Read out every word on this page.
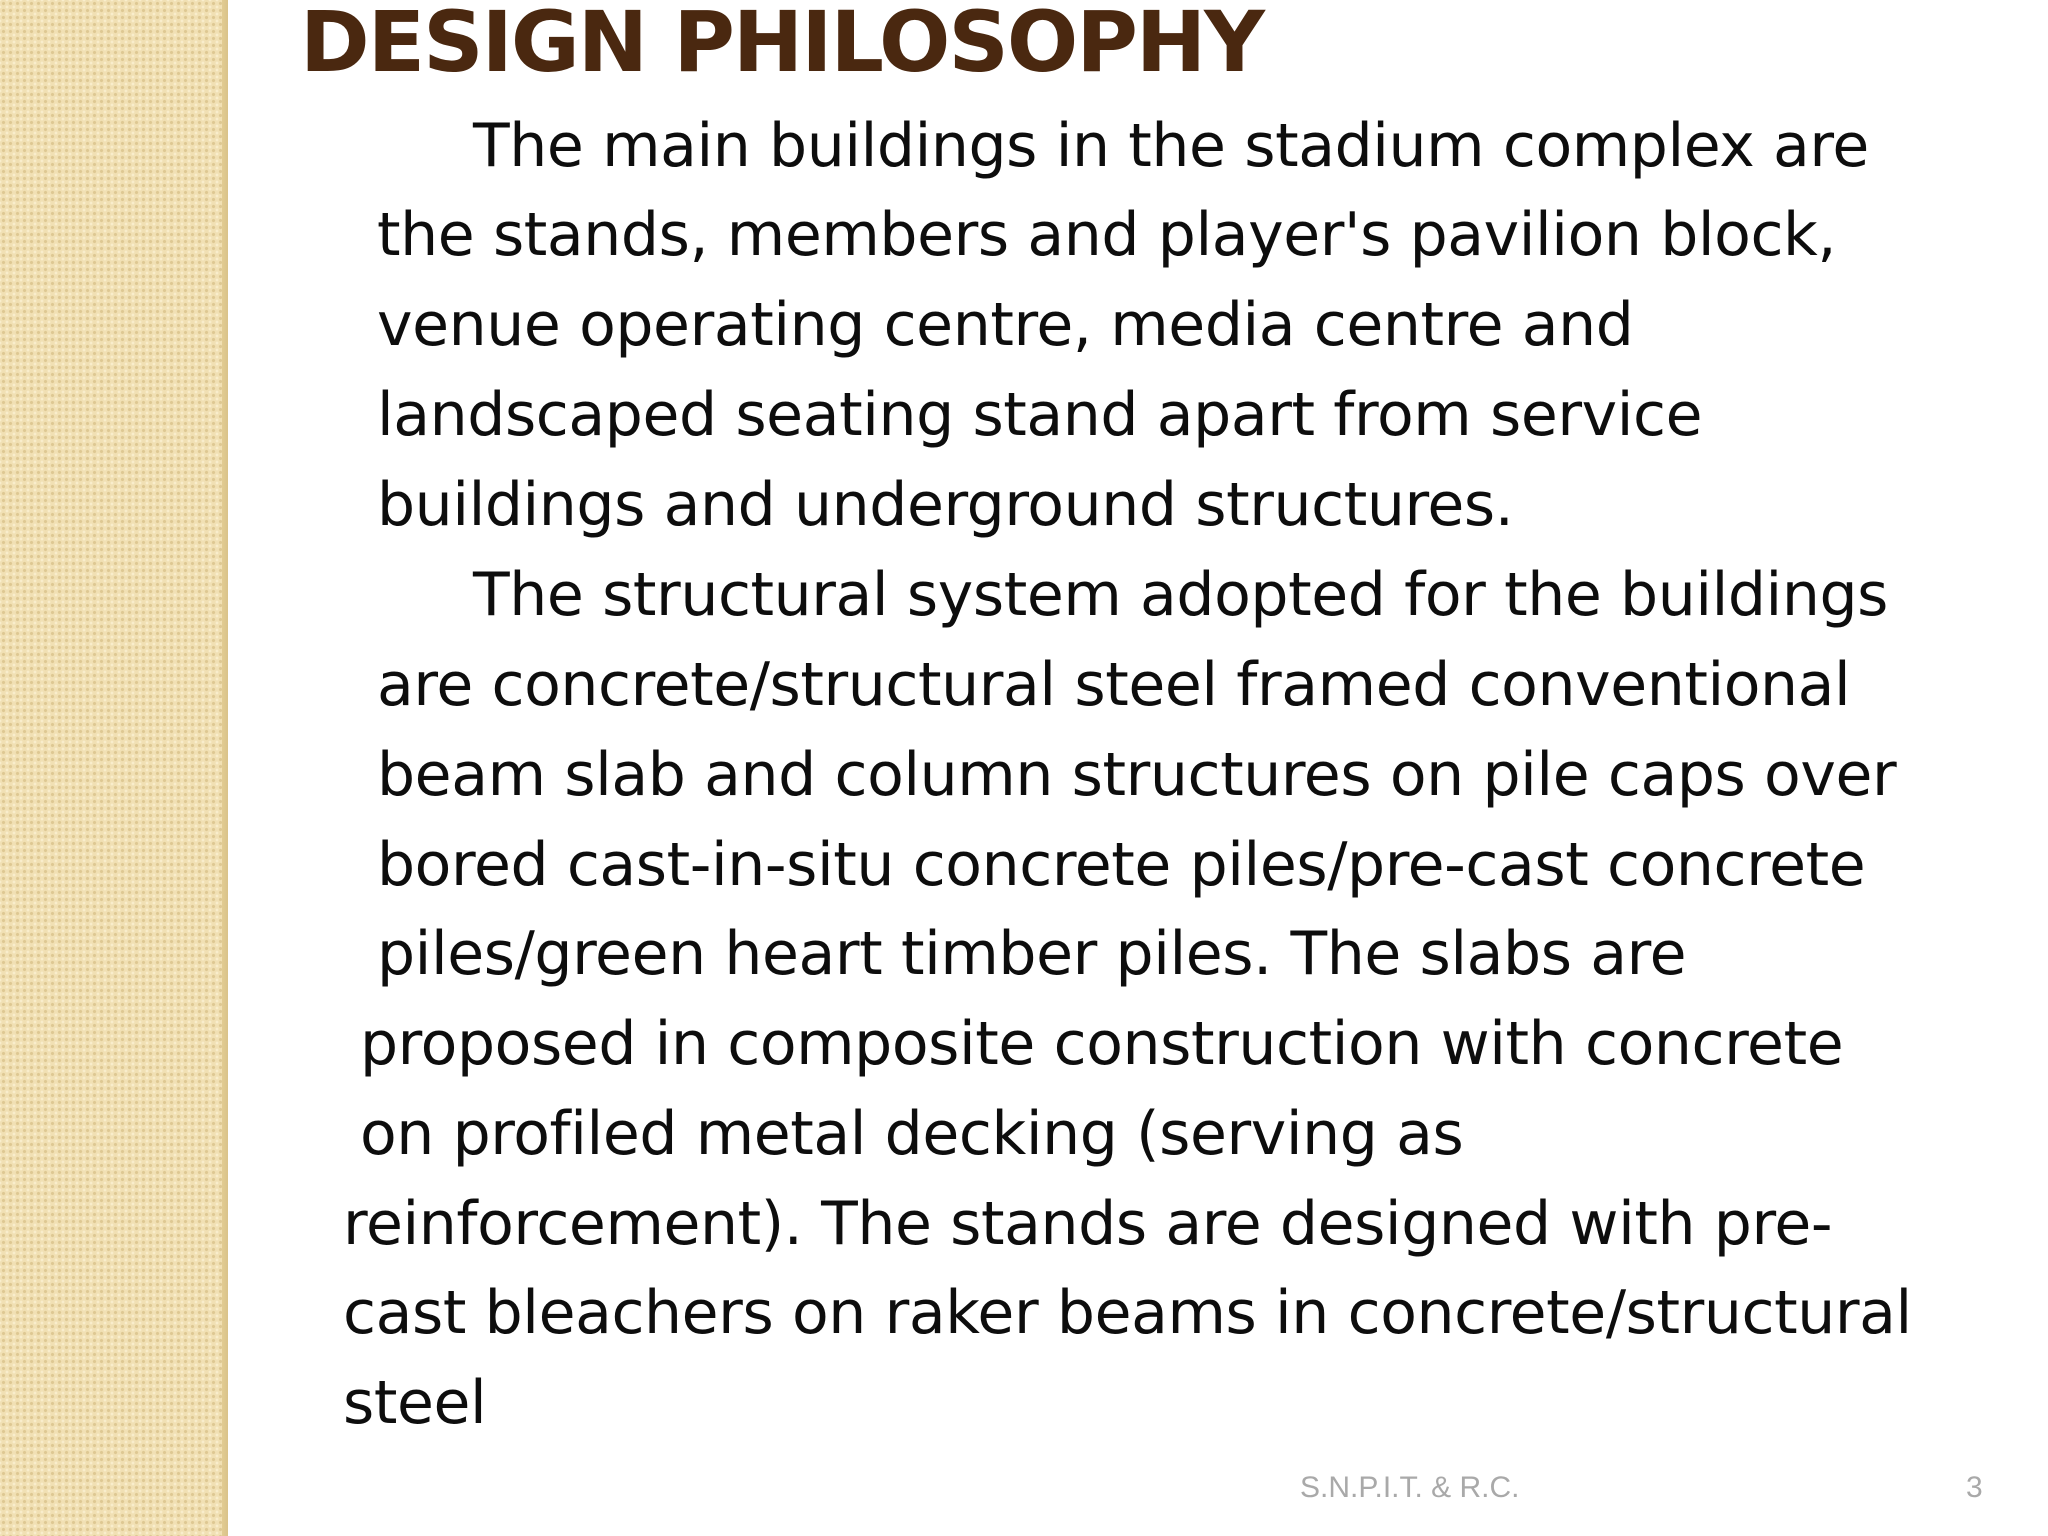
DESIGN PHILOSOPHY
The main buildings in the stadium complex are
the stands, members and player's pavilion block,
venue operating centre, media centre and
landscaped seating stand apart from service
buildings and underground structures.
The structural system adopted for the buildings
are concrete/structural steel framed conventional
beam slab and column structures on pile caps over
bored cast-in-situ concrete piles/pre-cast concrete
piles/green heart timber piles. The slabs are
proposed in composite construction with concrete
on profiled metal decking (serving as
reinforcement). The stands are designed with pre-
cast bleachers on raker beams in concrete/structural
steel
S.N.P.I.T. & R.C.	3
